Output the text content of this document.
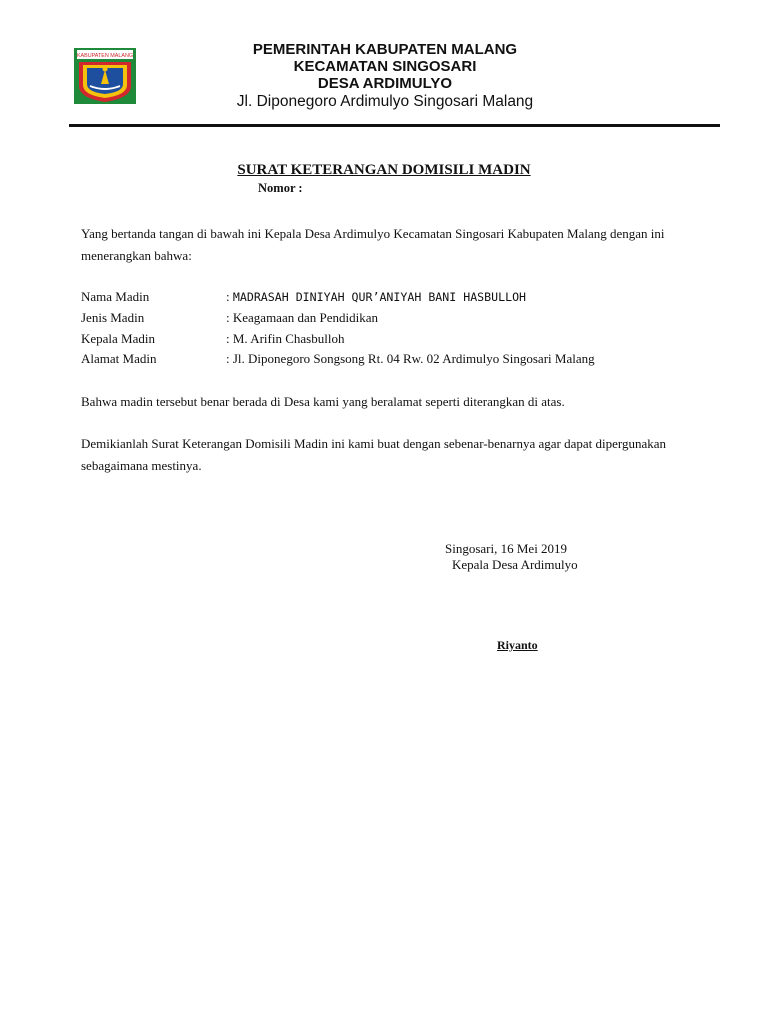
KABUPATEN MALANG	PEMERINTAH KABUPATEN MALANG
KECAMATAN SINGOSARI
DESA ARDIMULYO
Jl. Diponegoro Ardimulyo Singosari Malang
SURAT KETERANGAN DOMISILI MADIN
Nomor :
Yang bertanda tangan di bawah ini Kepala Desa Ardimulyo Kecamatan Singosari Kabupaten Malang dengan ini menerangkan bahwa:
Nama Madin	: MADRASAH DINIYAH QUR’ANIYAH BANI HASBULLOH
Jenis Madin	: Keagamaan dan Pendidikan
Kepala Madin	: M. Arifin Chasbulloh
Alamat Madin	: Jl. Diponegoro Songsong Rt. 04 Rw. 02 Ardimulyo Singosari Malang
Bahwa madin tersebut benar berada di Desa kami yang beralamat seperti diterangkan di atas.
Demikianlah Surat Keterangan Domisili Madin ini kami buat dengan sebenar-benarnya agar dapat dipergunakan sebagaimana mestinya.
Singosari, 16 Mei 2019
Kepala Desa Ardimulyo
Riyanto
